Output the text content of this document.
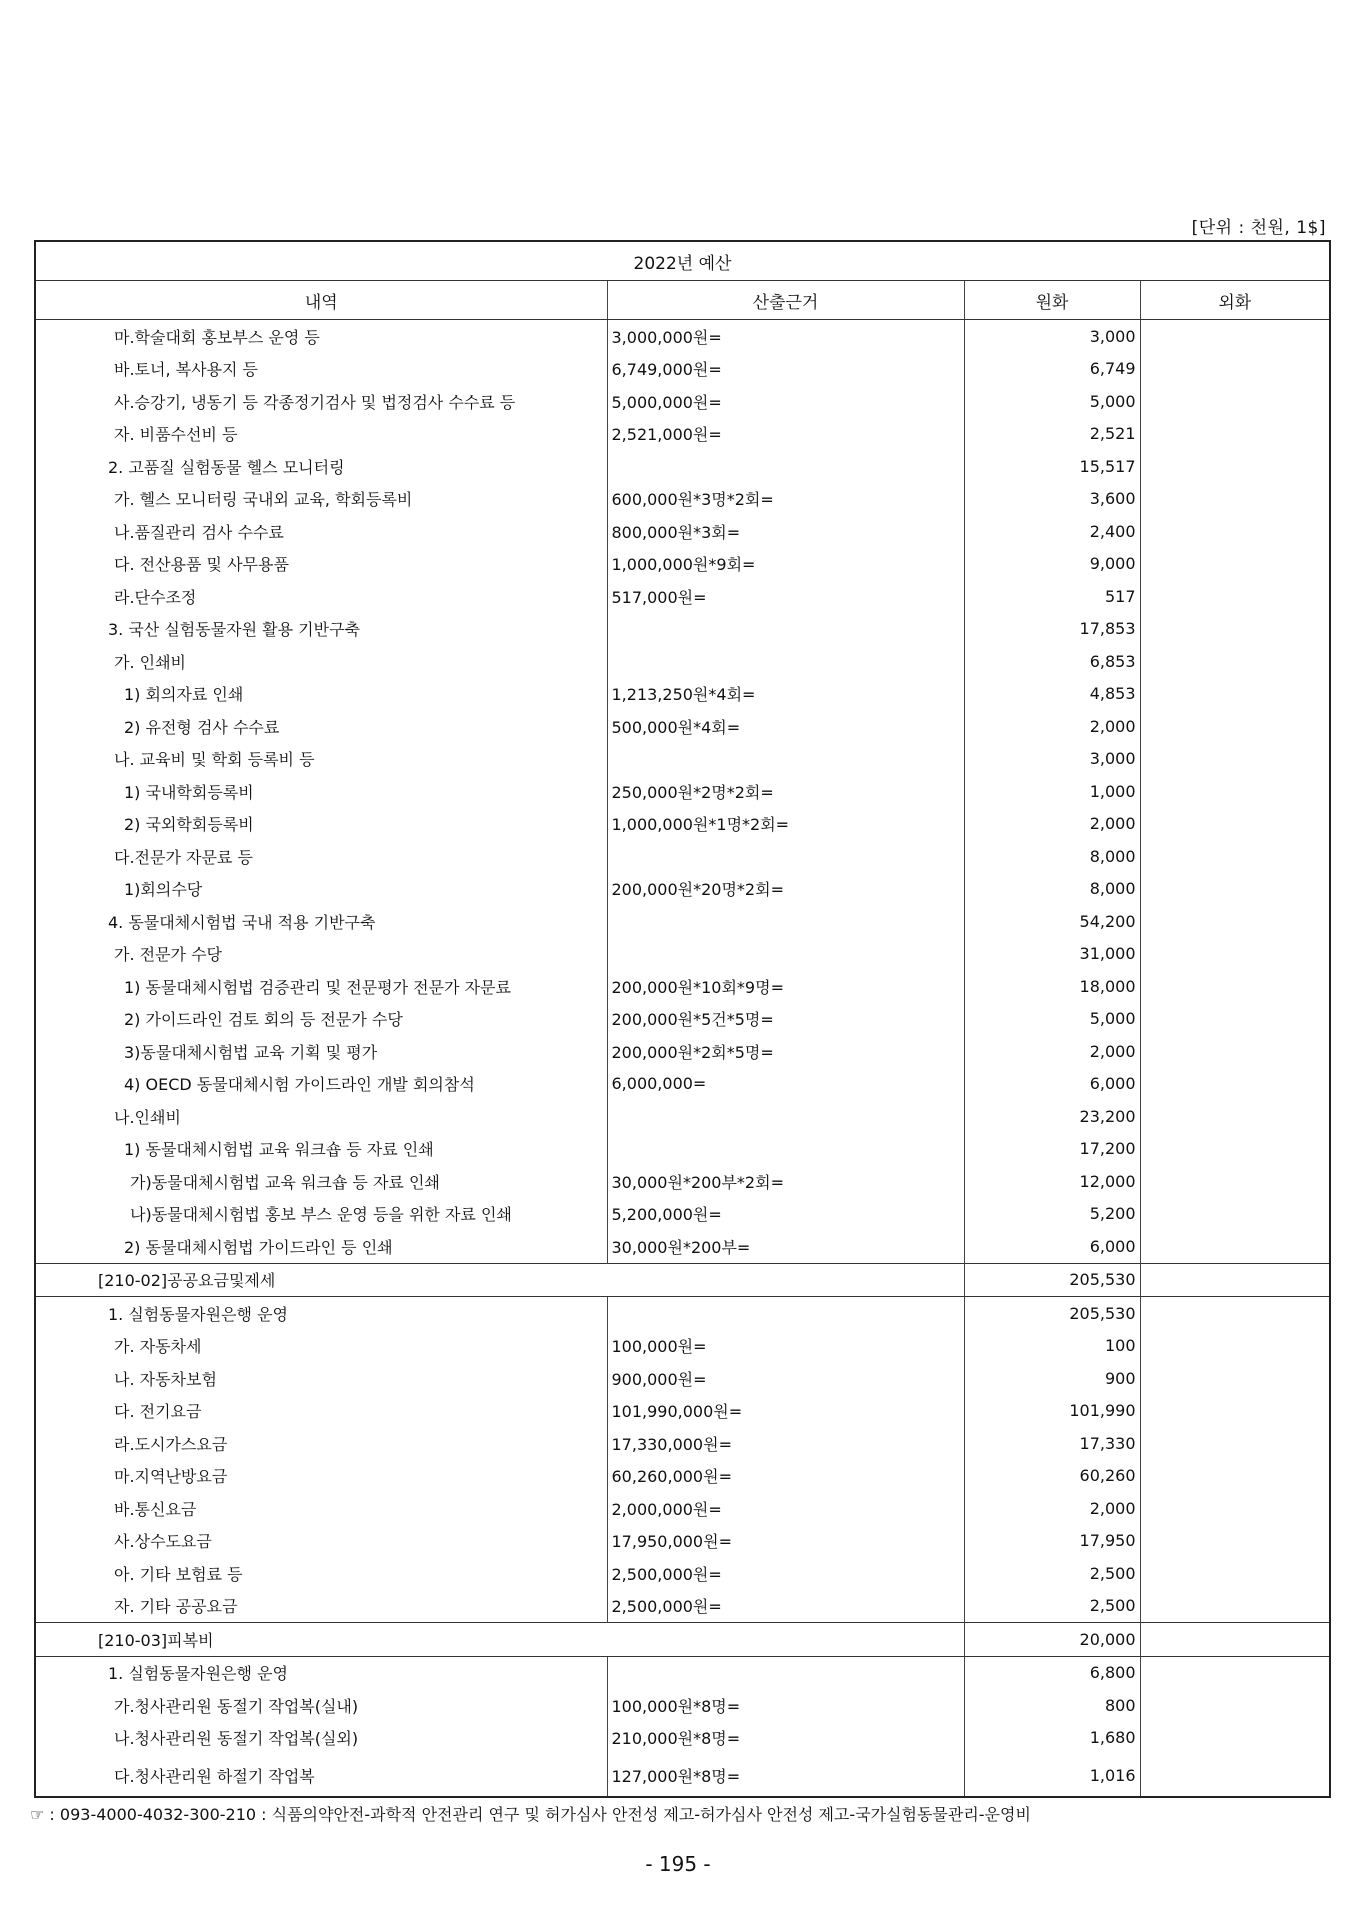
[단위 : 천원, 1$]
2022년 예산			
내역	산출근거	원화	외화
마.학술대회 홍보부스 운영 등	3,000,000원=	3,000	
바.토너, 복사용지 등	6,749,000원=	6,749	
사.승강기, 냉동기 등 각종정기검사 및 법정검사 수수료 등	5,000,000원=	5,000	
자. 비품수선비 등	2,521,000원=	2,521	
2. 고품질 실험동물 헬스 모니터링		15,517	
가. 헬스 모니터링 국내외 교육, 학회등록비	600,000원*3명*2회=	3,600	
나.품질관리 검사 수수료	800,000원*3회=	2,400	
다. 전산용품 및 사무용품	1,000,000원*9회=	9,000	
라.단수조정	517,000원=	517	
3. 국산 실험동물자원 활용 기반구축		17,853	
가. 인쇄비		6,853	
1) 회의자료 인쇄	1,213,250원*4회=	4,853	
2) 유전형 검사 수수료	500,000원*4회=	2,000	
나. 교육비 및 학회 등록비 등		3,000	
1) 국내학회등록비	250,000원*2명*2회=	1,000	
2) 국외학회등록비	1,000,000원*1명*2회=	2,000	
다.전문가 자문료 등		8,000	
1)회의수당	200,000원*20명*2회=	8,000	
4. 동물대체시험법 국내 적용 기반구축		54,200	
가. 전문가 수당		31,000	
1) 동물대체시험법 검증관리 및 전문평가 전문가 자문료	200,000원*10회*9명=	18,000	
2) 가이드라인 검토 회의 등 전문가 수당	200,000원*5건*5명=	5,000	
3)동물대체시험법 교육 기획 및 평가	200,000원*2회*5명=	2,000	
4) OECD 동물대체시험 가이드라인 개발 회의참석	6,000,000=	6,000	
나.인쇄비		23,200	
1) 동물대체시험법 교육 워크숍 등 자료 인쇄		17,200	
가)동물대체시험법 교육 워크숍 등 자료 인쇄	30,000원*200부*2회=	12,000	
나)동물대체시험법 홍보 부스 운영 등을 위한 자료 인쇄	5,200,000원=	5,200	
2) 동물대체시험법 가이드라인 등 인쇄	30,000원*200부=	6,000	
[210-02]공공요금및제세		205,530	
1. 실험동물자원은행 운영		205,530	
가. 자동차세	100,000원=	100	
나. 자동차보험	900,000원=	900	
다. 전기요금	101,990,000원=	101,990	
라.도시가스요금	17,330,000원=	17,330	
마.지역난방요금	60,260,000원=	60,260	
바.통신요금	2,000,000원=	2,000	
사.상수도요금	17,950,000원=	17,950	
아. 기타 보험료 등	2,500,000원=	2,500	
자. 기타 공공요금	2,500,000원=	2,500	
[210-03]피복비		20,000	
1. 실험동물자원은행 운영		6,800	
가.청사관리원 동절기 작업복(실내)	100,000원*8명=	800	
나.청사관리원 동절기 작업복(실외)	210,000원*8명=	1,680	
다.청사관리원 하절기 작업복	127,000원*8명=	1,016	
☞ : 093-4000-4032-300-210 : 식품의약안전-과학적 안전관리 연구 및 허가심사 안전성 제고-허가심사 안전성 제고-국가실험동물관리-운영비
- 195 -
